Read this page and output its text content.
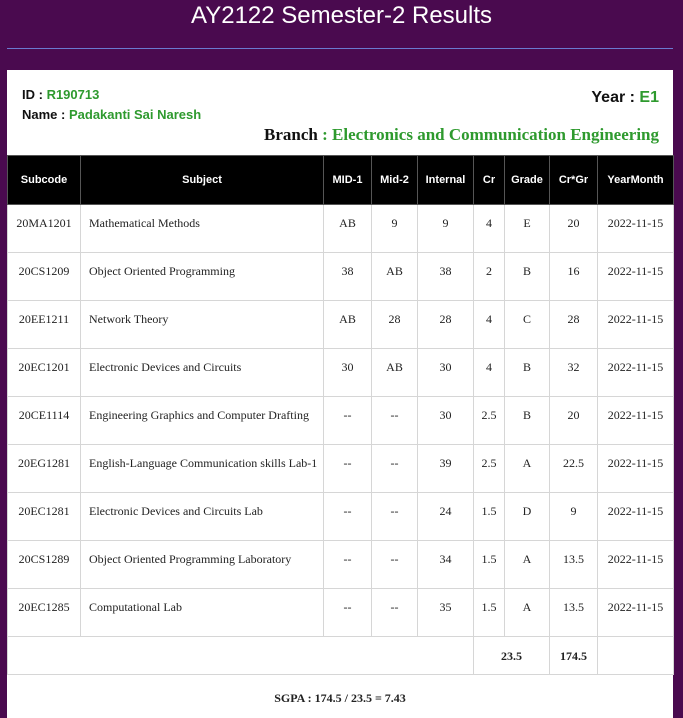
AY2122 Semester-2 Results
ID : R190713
Name : Padakanti Sai Naresh
Year : E1
Branch : Electronics and Communication Engineering
Subcode	Subject	MID-1	Mid-2	Internal	Cr	Grade	Cr*Gr	YearMonth
20MA1201	Mathematical Methods	AB	9	9	4	E	20	2022-11-15
20CS1209	Object Oriented Programming	38	AB	38	2	B	16	2022-11-15
20EE1211	Network Theory	AB	28	28	4	C	28	2022-11-15
20EC1201	Electronic Devices and Circuits	30	AB	30	4	B	32	2022-11-15
20CE1114	Engineering Graphics and Computer Drafting	--	--	30	2.5	B	20	2022-11-15
20EG1281	English-Language Communication skills Lab-1	--	--	39	2.5	A	22.5	2022-11-15
20EC1281	Electronic Devices and Circuits Lab	--	--	24	1.5	D	9	2022-11-15
20CS1289	Object Oriented Programming Laboratory	--	--	34	1.5	A	13.5	2022-11-15
20EC1285	Computational Lab	--	--	35	1.5	A	13.5	2022-11-15
					23.5		174.5	
SGPA : 174.5 / 23.5 = 7.43
